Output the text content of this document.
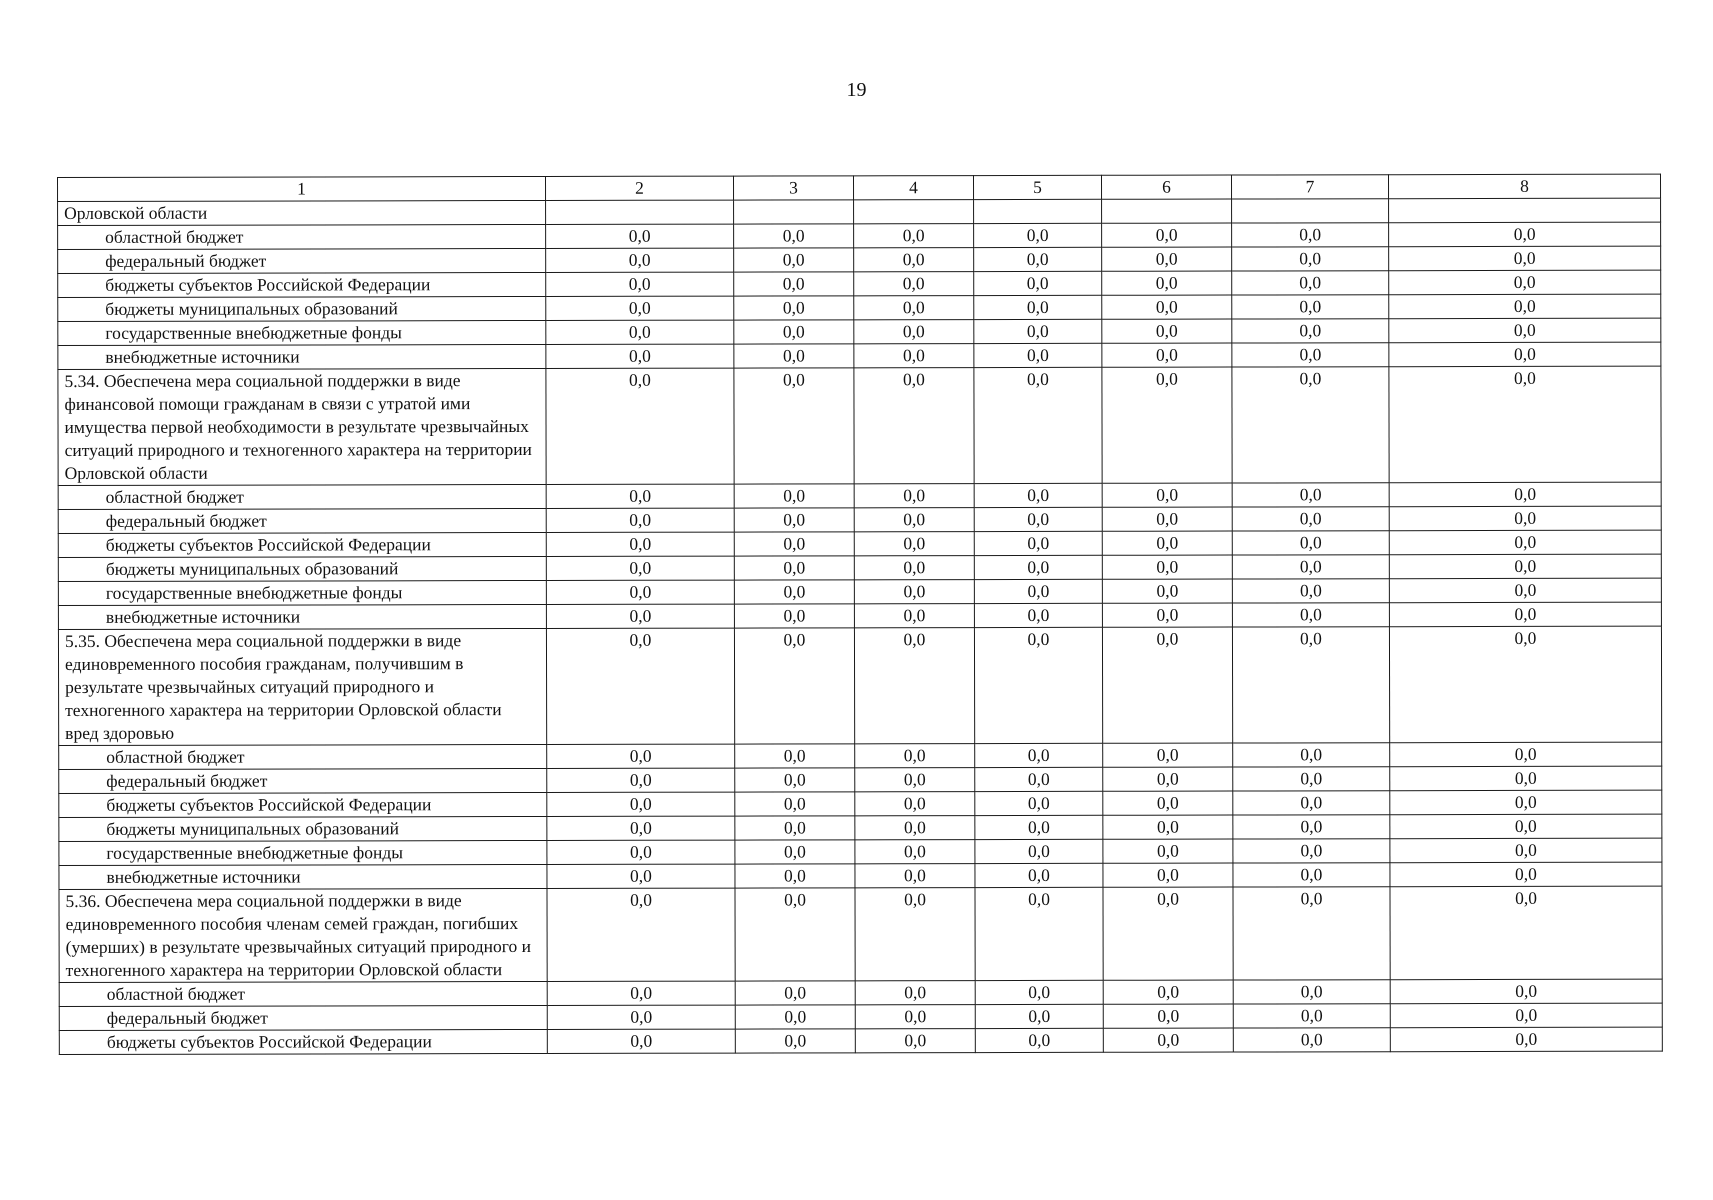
19
1	2	3	4	5	6	7	8
Орловской области							
областной бюджет	0,0	0,0	0,0	0,0	0,0	0,0	0,0
федеральный бюджет	0,0	0,0	0,0	0,0	0,0	0,0	0,0
бюджеты субъектов Российской Федерации	0,0	0,0	0,0	0,0	0,0	0,0	0,0
бюджеты муниципальных образований	0,0	0,0	0,0	0,0	0,0	0,0	0,0
государственные внебюджетные фонды	0,0	0,0	0,0	0,0	0,0	0,0	0,0
внебюджетные источники	0,0	0,0	0,0	0,0	0,0	0,0	0,0
5.34. Обеспечена мера социальной поддержки в виде финансовой помощи гражданам в связи с утратой ими имущества первой необходимости в результате чрезвычайных ситуаций природного и техногенного характера на территории Орловской области	0,0	0,0	0,0	0,0	0,0	0,0	0,0
областной бюджет	0,0	0,0	0,0	0,0	0,0	0,0	0,0
федеральный бюджет	0,0	0,0	0,0	0,0	0,0	0,0	0,0
бюджеты субъектов Российской Федерации	0,0	0,0	0,0	0,0	0,0	0,0	0,0
бюджеты муниципальных образований	0,0	0,0	0,0	0,0	0,0	0,0	0,0
государственные внебюджетные фонды	0,0	0,0	0,0	0,0	0,0	0,0	0,0
внебюджетные источники	0,0	0,0	0,0	0,0	0,0	0,0	0,0
5.35. Обеспечена мера социальной поддержки в виде единовременного пособия гражданам, получившим в результате чрезвычайных ситуаций природного и техногенного характера на территории Орловской области вред здоровью	0,0	0,0	0,0	0,0	0,0	0,0	0,0
областной бюджет	0,0	0,0	0,0	0,0	0,0	0,0	0,0
федеральный бюджет	0,0	0,0	0,0	0,0	0,0	0,0	0,0
бюджеты субъектов Российской Федерации	0,0	0,0	0,0	0,0	0,0	0,0	0,0
бюджеты муниципальных образований	0,0	0,0	0,0	0,0	0,0	0,0	0,0
государственные внебюджетные фонды	0,0	0,0	0,0	0,0	0,0	0,0	0,0
внебюджетные источники	0,0	0,0	0,0	0,0	0,0	0,0	0,0
5.36. Обеспечена мера социальной поддержки в виде единовременного пособия членам семей граждан, погибших (умерших) в результате чрезвычайных ситуаций природного и техногенного характера на территории Орловской области	0,0	0,0	0,0	0,0	0,0	0,0	0,0
областной бюджет	0,0	0,0	0,0	0,0	0,0	0,0	0,0
федеральный бюджет	0,0	0,0	0,0	0,0	0,0	0,0	0,0
бюджеты субъектов Российской Федерации	0,0	0,0	0,0	0,0	0,0	0,0	0,0
